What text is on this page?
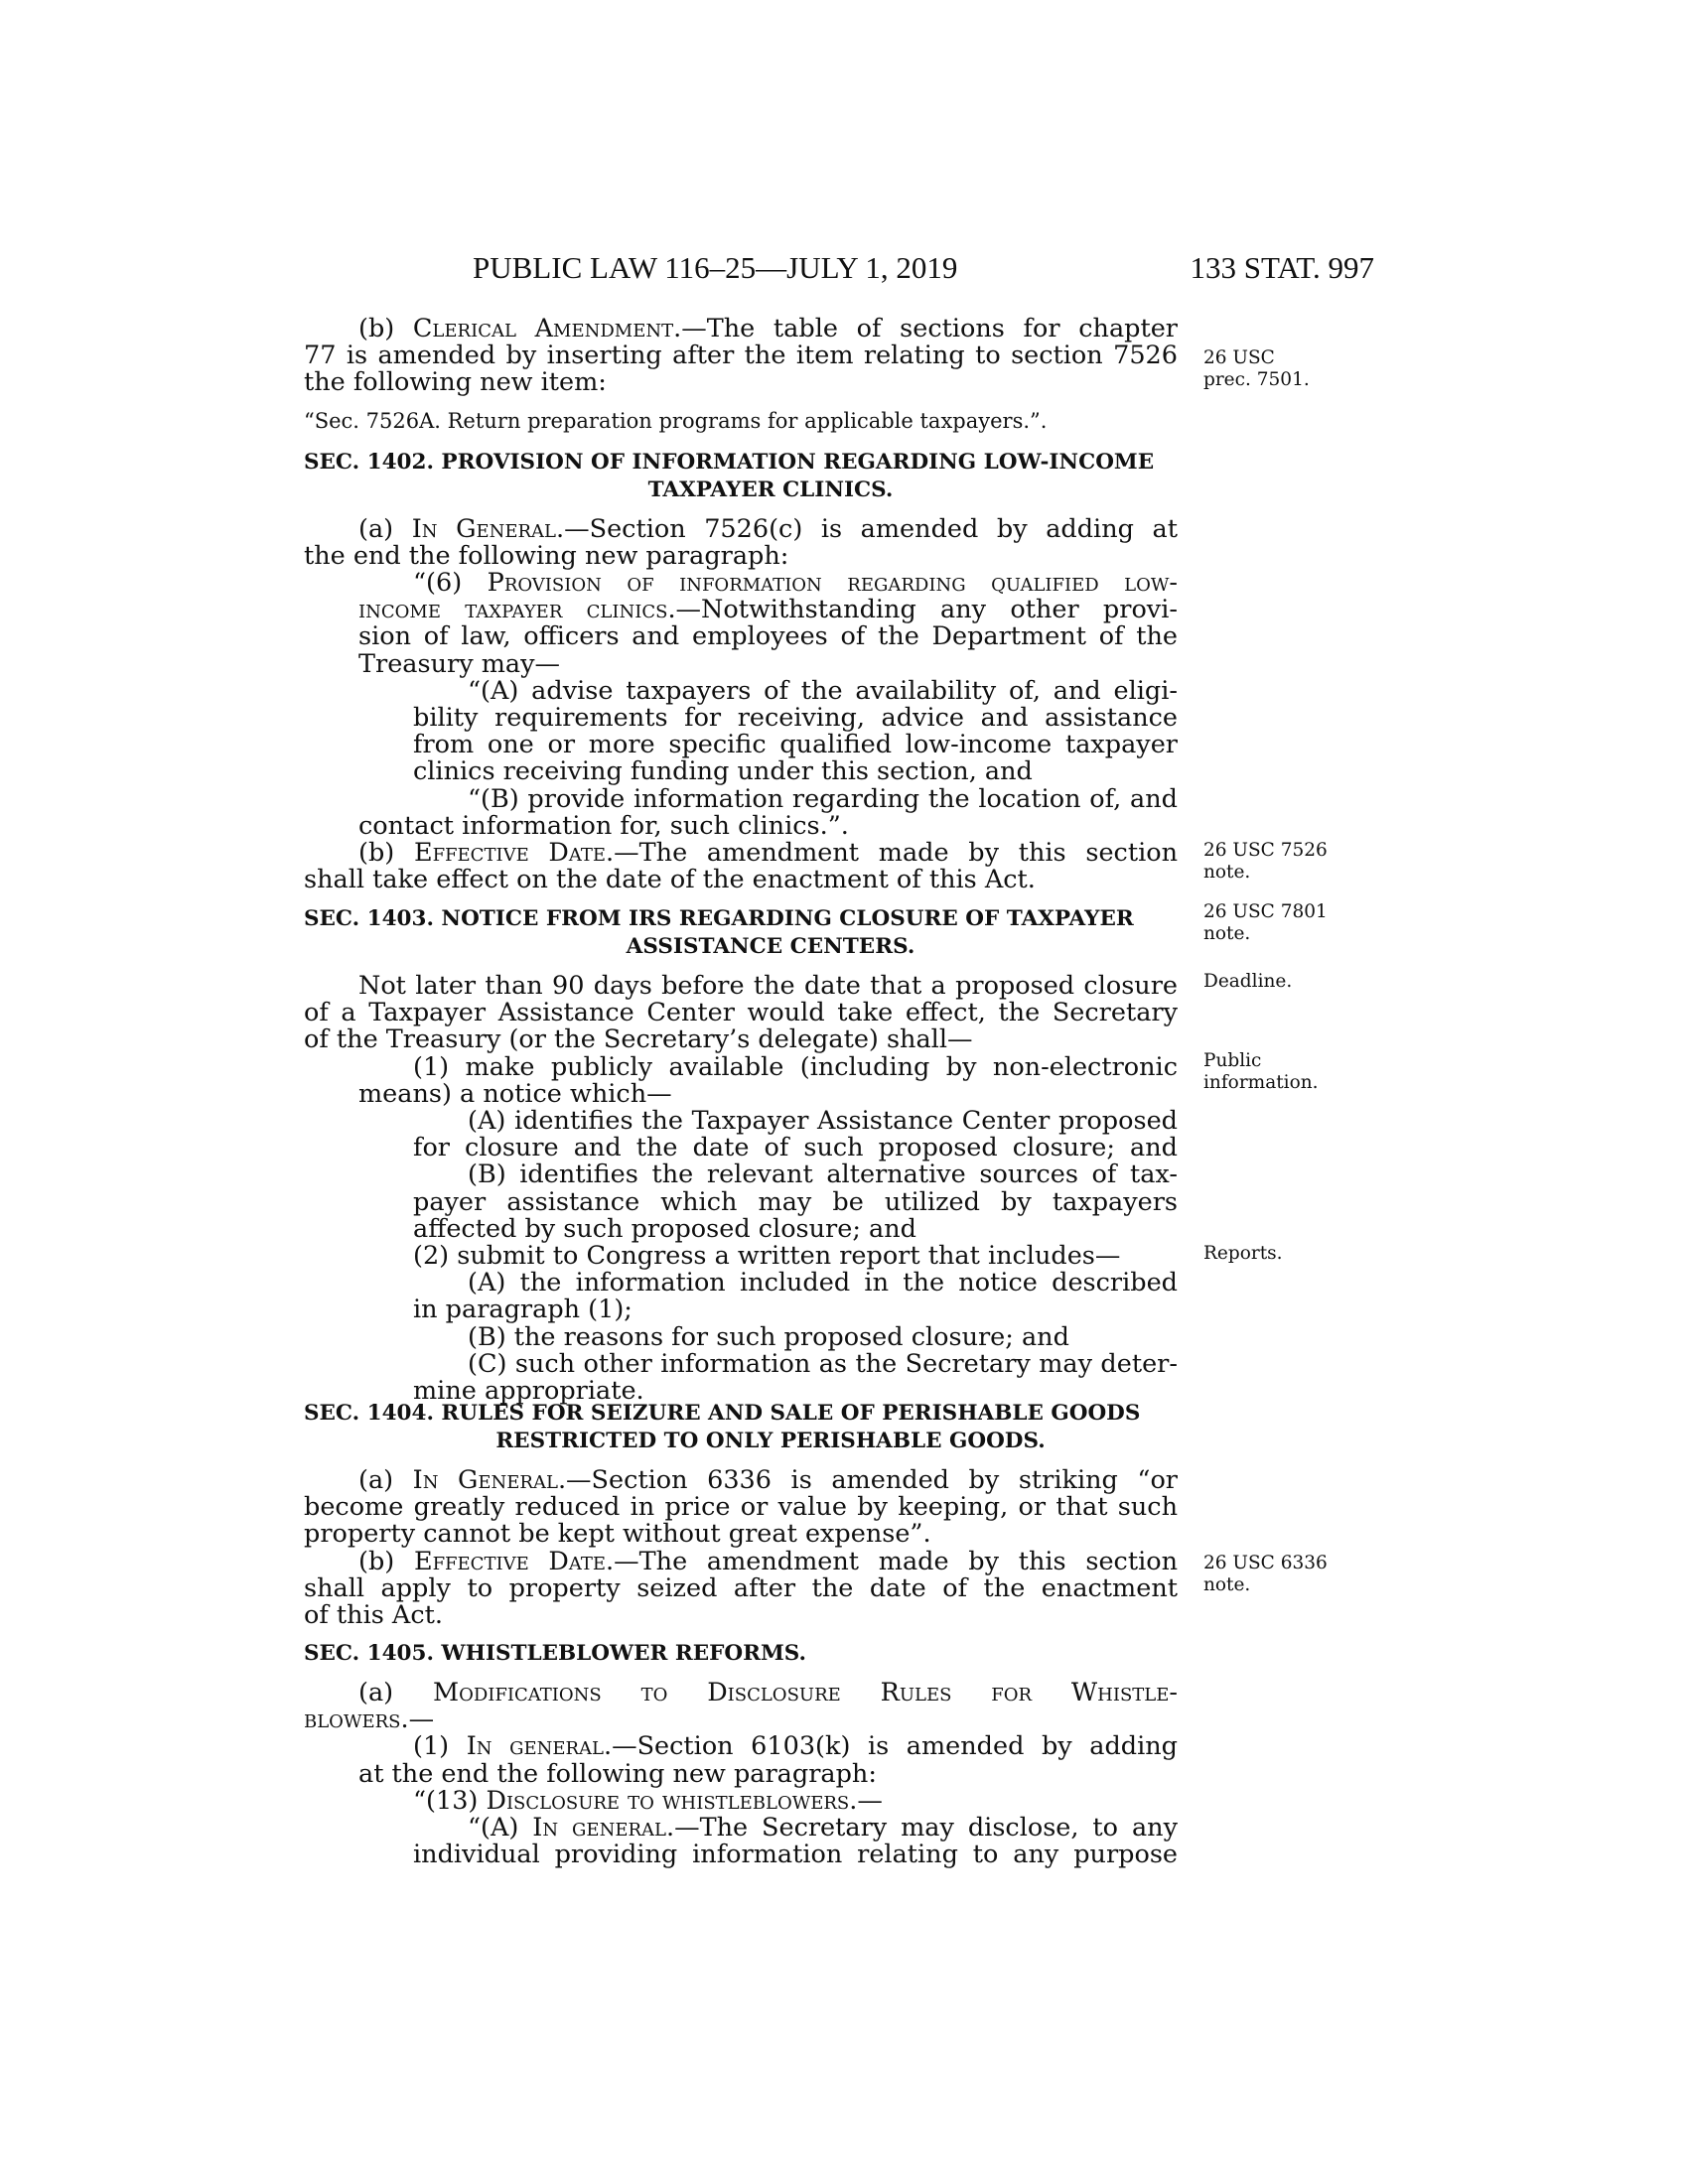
PUBLIC LAW 116–25—JULY 1, 2019	133 STAT. 997

(b) Clerical Amendment.—The table of sections for chapter

77 is amended by inserting after the item relating to section 7526

the following new item:

“Sec. 7526A. Return preparation programs for applicable taxpayers.”.

SEC. 1402. PROVISION OF INFORMATION REGARDING LOW-INCOME
TAXPAYER CLINICS.

(a) In General.—Section 7526(c) is amended by adding at

the end the following new paragraph:

“(6) Provision of information regarding qualified low-

income taxpayer clinics.—Notwithstanding any other provi-

sion of law, officers and employees of the Department of the

Treasury may—

“(A) advise taxpayers of the availability of, and eligi-

bility requirements for receiving, advice and assistance

from one or more specific qualified low-income taxpayer

clinics receiving funding under this section, and

“(B) provide information regarding the location of, and

contact information for, such clinics.”.

(b) Effective Date.—The amendment made by this section

shall take effect on the date of the enactment of this Act.

SEC. 1403. NOTICE FROM IRS REGARDING CLOSURE OF TAXPAYER
ASSISTANCE CENTERS.

Not later than 90 days before the date that a proposed closure

of a Taxpayer Assistance Center would take effect, the Secretary

of the Treasury (or the Secretary’s delegate) shall—

(1) make publicly available (including by non-electronic

means) a notice which—

(A) identifies the Taxpayer Assistance Center proposed

for closure and the date of such proposed closure; and

(B) identifies the relevant alternative sources of tax-

payer assistance which may be utilized by taxpayers

affected by such proposed closure; and

(2) submit to Congress a written report that includes—

(A) the information included in the notice described

in paragraph (1);

(B) the reasons for such proposed closure; and

(C) such other information as the Secretary may deter-

mine appropriate.

SEC. 1404. RULES FOR SEIZURE AND SALE OF PERISHABLE GOODS
RESTRICTED TO ONLY PERISHABLE GOODS.

(a) In General.—Section 6336 is amended by striking “or

become greatly reduced in price or value by keeping, or that such

property cannot be kept without great expense”.

(b) Effective Date.—The amendment made by this section

shall apply to property seized after the date of the enactment

of this Act.

SEC. 1405. WHISTLEBLOWER REFORMS.

(a) Modifications to Disclosure Rules for Whistle-

blowers.—

(1) In general.—Section 6103(k) is amended by adding

at the end the following new paragraph:

“(13) Disclosure to whistleblowers.—

“(A) In general.—The Secretary may disclose, to any

individual providing information relating to any purpose

26 USC
prec. 7501.
26 USC 7526
note.
26 USC 7801
note.
Deadline.
Public
information.
Reports.
26 USC 6336
note.
